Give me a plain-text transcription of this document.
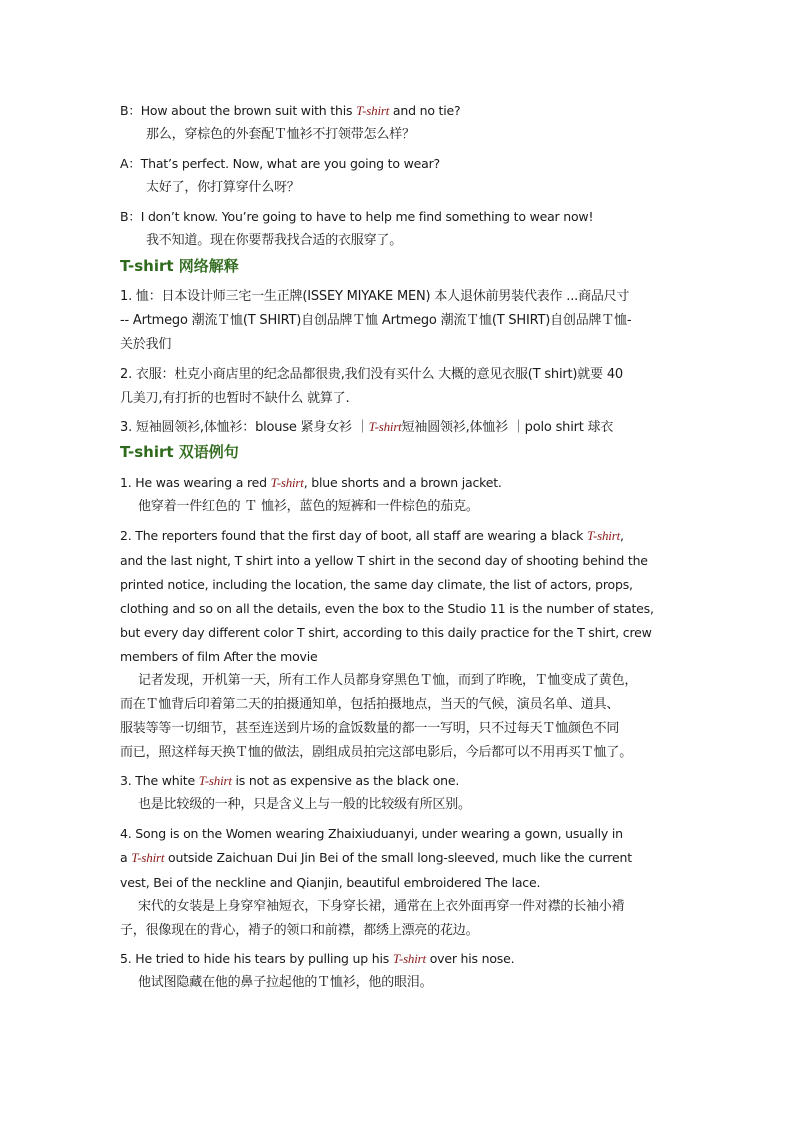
B：How about the brown suit with this T-shirt and no tie?
那么，穿棕色的外套配Ｔ恤衫不打领带怎么样？
A：That’s perfect. Now, what are you going to wear?
太好了，你打算穿什么呀？
B：I don’t know. You’re going to have to help me find something to wear now!
我不知道。现在你要帮我找合适的衣服穿了。
T-shirt 网络解释
1. 恤：日本设计师三宅一生正牌(ISSEY MIYAKE MEN) 本人退休前男装代表作 ...商品尺寸
-- Artmego 潮流Ｔ恤(T SHIRT)自创品牌Ｔ恤 Artmego 潮流Ｔ恤(T SHIRT)自创品牌Ｔ恤-
关於我们
2. 衣服：杜克小商店里的纪念品都很贵,我们没有买什么 大概的意见衣服(T shirt)就要 40
几美刀,有打折的也暂时不缺什么 就算了.
3. 短袖圆领衫,体恤衫：blouse 紧身女衫 ｜T-shirt短袖圆领衫,体恤衫 ｜polo shirt 球衣
T-shirt 双语例句
1. He was wearing a red T-shirt, blue shorts and a brown jacket.
他穿着一件红色的 Ｔ 恤衫，蓝色的短裤和一件棕色的茄克。
2. The reporters found that the first day of boot, all staff are wearing a black T-shirt,
and the last night, T shirt into a yellow T shirt in the second day of shooting behind the
printed notice, including the location, the same day climate, the list of actors, props,
clothing and so on all the details, even the box to the Studio 11 is the number of states,
but every day different color T shirt, according to this daily practice for the T shirt, crew
members of film After the movie
记者发现，开机第一天，所有工作人员都身穿黑色Ｔ恤，而到了昨晚，Ｔ恤变成了黄色，
而在Ｔ恤背后印着第二天的拍摄通知单，包括拍摄地点，当天的气候，演员名单、道具、
服装等等一切细节，甚至连送到片场的盒饭数量的都一一写明，只不过每天Ｔ恤颜色不同
而已，照这样每天换Ｔ恤的做法，剧组成员拍完这部电影后，今后都可以不用再买Ｔ恤了。
3. The white T-shirt is not as expensive as the black one.
也是比较级的一种，只是含义上与一般的比较级有所区别。
4. Song is on the Women wearing Zhaixiuduanyi, under wearing a gown, usually in
a T-shirt outside Zaichuan Dui Jin Bei of the small long-sleeved, much like the current
vest, Bei of the neckline and Qianjin, beautiful embroidered The lace.
宋代的女装是上身穿窄袖短衣，下身穿长裙，通常在上衣外面再穿一件对襟的长袖小褙
子，很像现在的背心，褙子的领口和前襟，都绣上漂亮的花边。
5. He tried to hide his tears by pulling up his T-shirt over his nose.
他试图隐藏在他的鼻子拉起他的Ｔ恤衫，他的眼泪。
